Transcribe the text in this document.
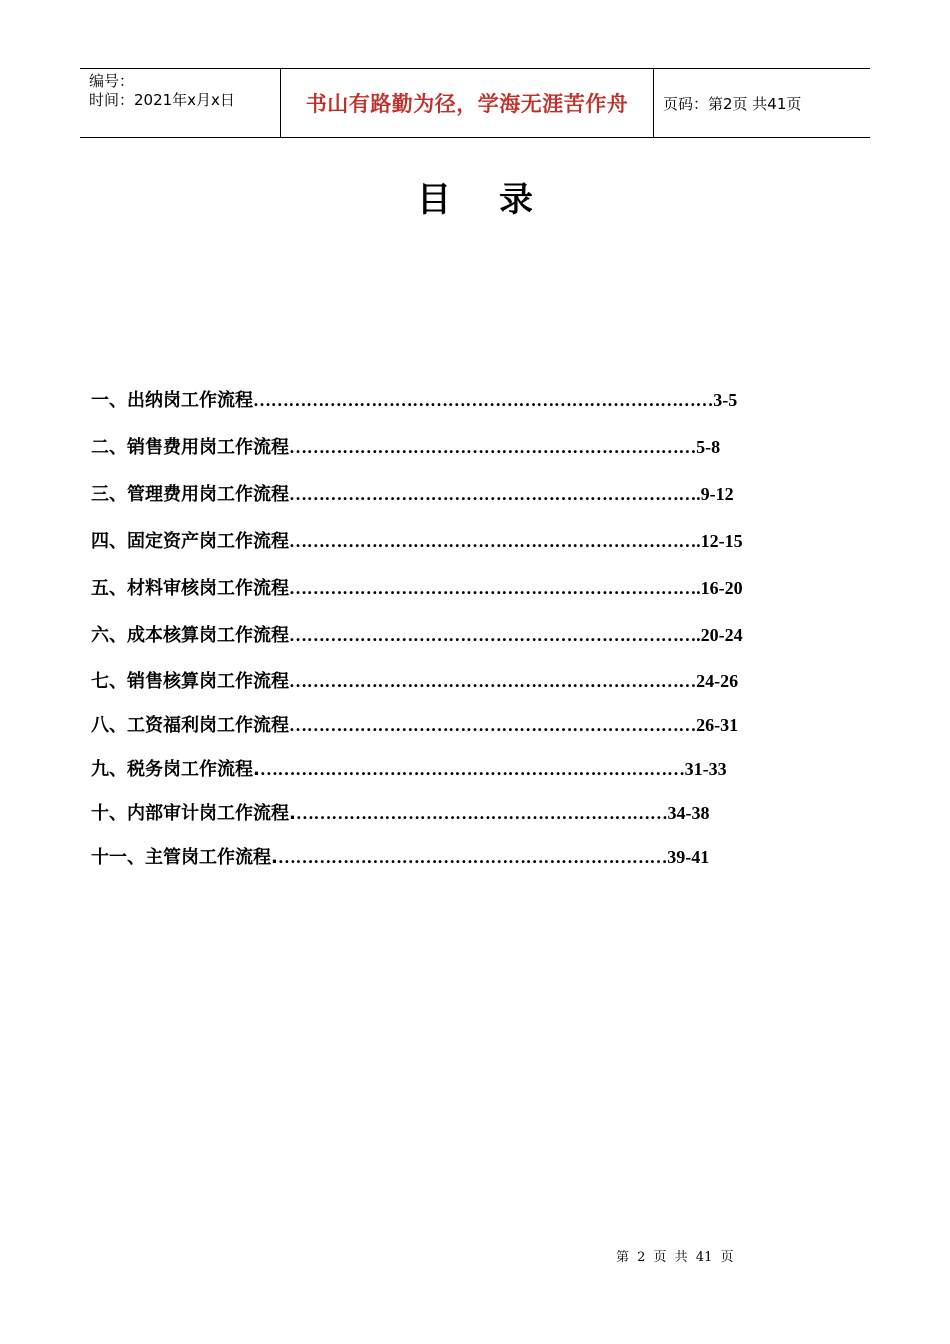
编号：
时间：2021年x月x日	书山有路勤为径，学海无涯苦作舟 页码：第2页 共41页
目录
一、出纳岗工作流程 …………………………………………………………………… 3-5
二、销售费用岗工作流程 …………………………………………………………… 5-8
三、管理费用岗工作流程 …………………………………………………………… .9-12
四、固定资产岗工作流程 …………………………………………………………… .12-15
五、材料审核岗工作流程 …………………………………………………………… .16-20
六、成本核算岗工作流程 …………………………………………………………… .20-24
七、销售核算岗工作流程 …………………………………………………………… 24-26
八、工资福利岗工作流程 …………………………………………………………… 26-31
九、税务岗工作流程. ……………………………………………………………… 31-33
十、内部审计岗工作流程. ……………………………………………………… 34-38
十一、主管岗工作流程. ………………………………………………………… 39-41
第 2 页 共 41 页
